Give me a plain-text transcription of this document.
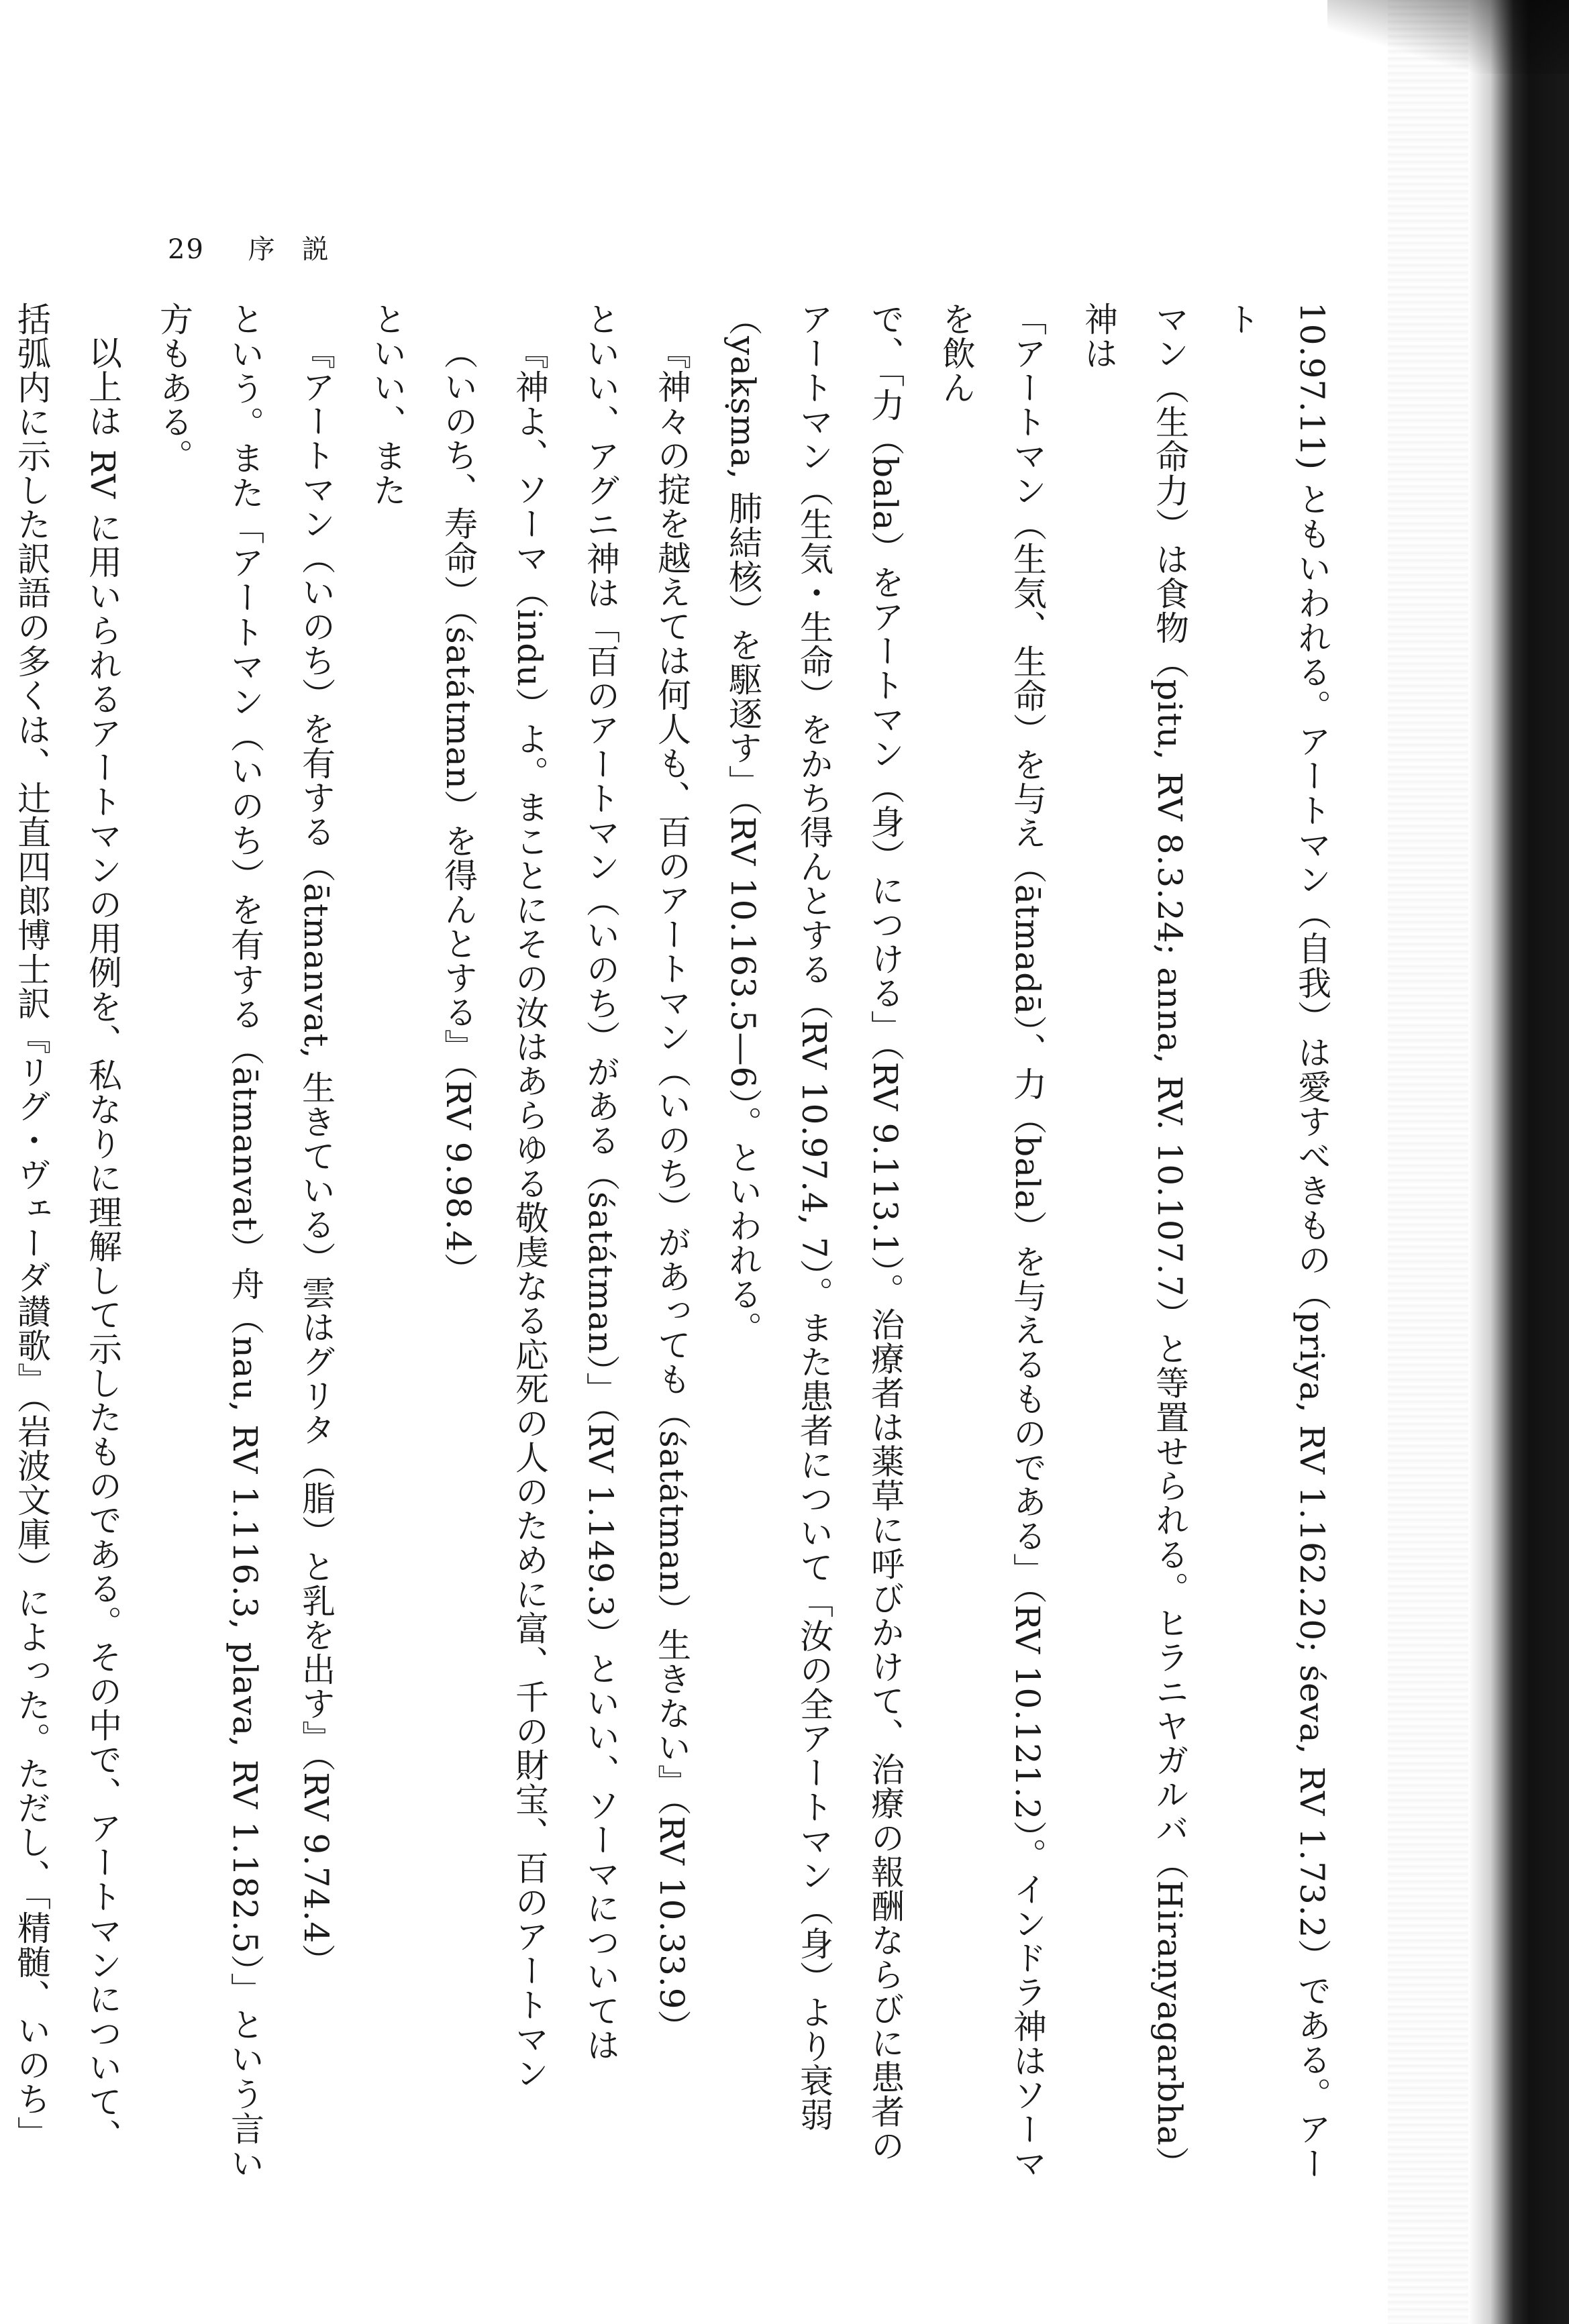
29 序説

10.97.11) ともいわれる。アートマン（自我）は愛すべきもの（priya, RV 1.162.20; śeva, RV 1.73.2）である。アート

マン（生命力）は食物（pitu, RV 8.3.24; anna, RV. 10.107.7）と等置せられる。ヒラニヤガルバ（Hiraṇyagarbha）神は

「アートマン（生気、生命）を与え（ātmadā）、力（bala）を与えるものである」（RV 10.121.2）。インドラ神はソーマを飲ん

で、「力（bala）をアートマン（身）につける」（RV 9.113.1）。治療者は薬草に呼びかけて、治療の報酬ならびに患者の

アートマン（生気・生命）をかち得んとする（RV 10.97.4, 7）。また患者について「汝の全アートマン（身）より衰弱

（yakṣma, 肺結核）を駆逐す」（RV 10.163.5—6）。といわれる。

『神々の掟を越えては何人も、百のアートマン（いのち）があっても（śatátman）生きない』（RV 10.33.9）

といい、アグニ神は「百のアートマン（いのち）がある（śatátman）」（RV 1.149.3）といい、ソーマについては

『神よ、ソーマ（indu）よ。まことにその汝はあらゆる敬虔なる応死の人のために富、千の財宝、百のアートマン

（いのち、寿命）（śatátman）を得んとする』（RV 9.98.4）

といい、また

『アートマン（いのち）を有する（ātmanvat, 生きている）雲はグリタ（脂）と乳を出す』（RV 9.74.4）

という。また「アートマン（いのち）を有する（ātmanvat）舟（nau, RV 1.116.3, plava, RV 1.182.5）」という言い方もある。

以上は RV に用いられるアートマンの用例を、私なりに理解して示したものである。その中で、アートマンについて、

括弧内に示した訳語の多くは、辻直四郎博士訳『リグ・ヴェーダ讃歌』（岩波文庫）によった。ただし、「精髄、いのち」
